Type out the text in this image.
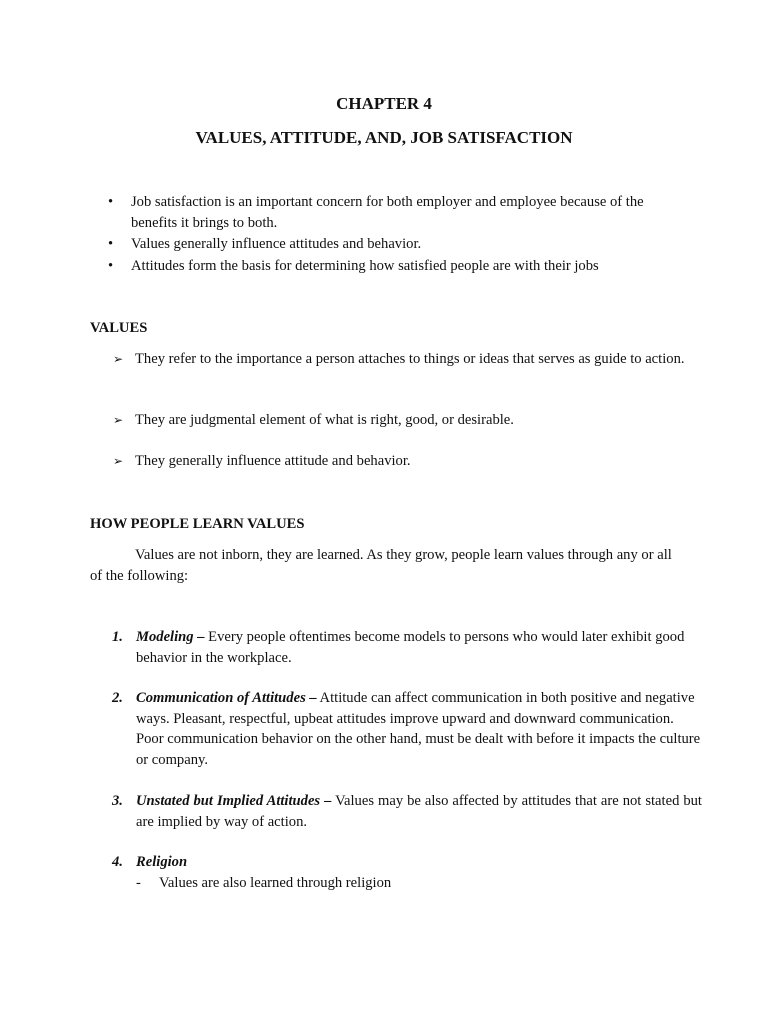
CHAPTER 4
VALUES, ATTITUDE, AND, JOB SATISFACTION
•	Job satisfaction is an important concern for both employer and employee because of the benefits it brings to both.
•	Values generally influence attitudes and behavior.
•	Attitudes form the basis for determining how satisfied people are with their jobs
VALUES
➢ They refer to the importance a person attaches to things or ideas that serves as guide to action.
➢ They are judgmental element of what is right, good, or desirable.
➢ They generally influence attitude and behavior.
HOW PEOPLE LEARN VALUES

Values are not inborn, they are learned. As they grow, people learn values through any or all of the following:

1. Modeling – Every people oftentimes become models to persons who would later exhibit good behavior in the workplace.
2. Communication of Attitudes – Attitude can affect communication in both positive and negative ways. Pleasant, respectful, upbeat attitudes improve upward and downward communication. Poor communication behavior on the other hand, must be dealt with before it impacts the culture or company.
3. Unstated but Implied Attitudes – Values may be also affected by attitudes that are not stated but are implied by way of action.
4. Religion
- Values are also learned through religion
